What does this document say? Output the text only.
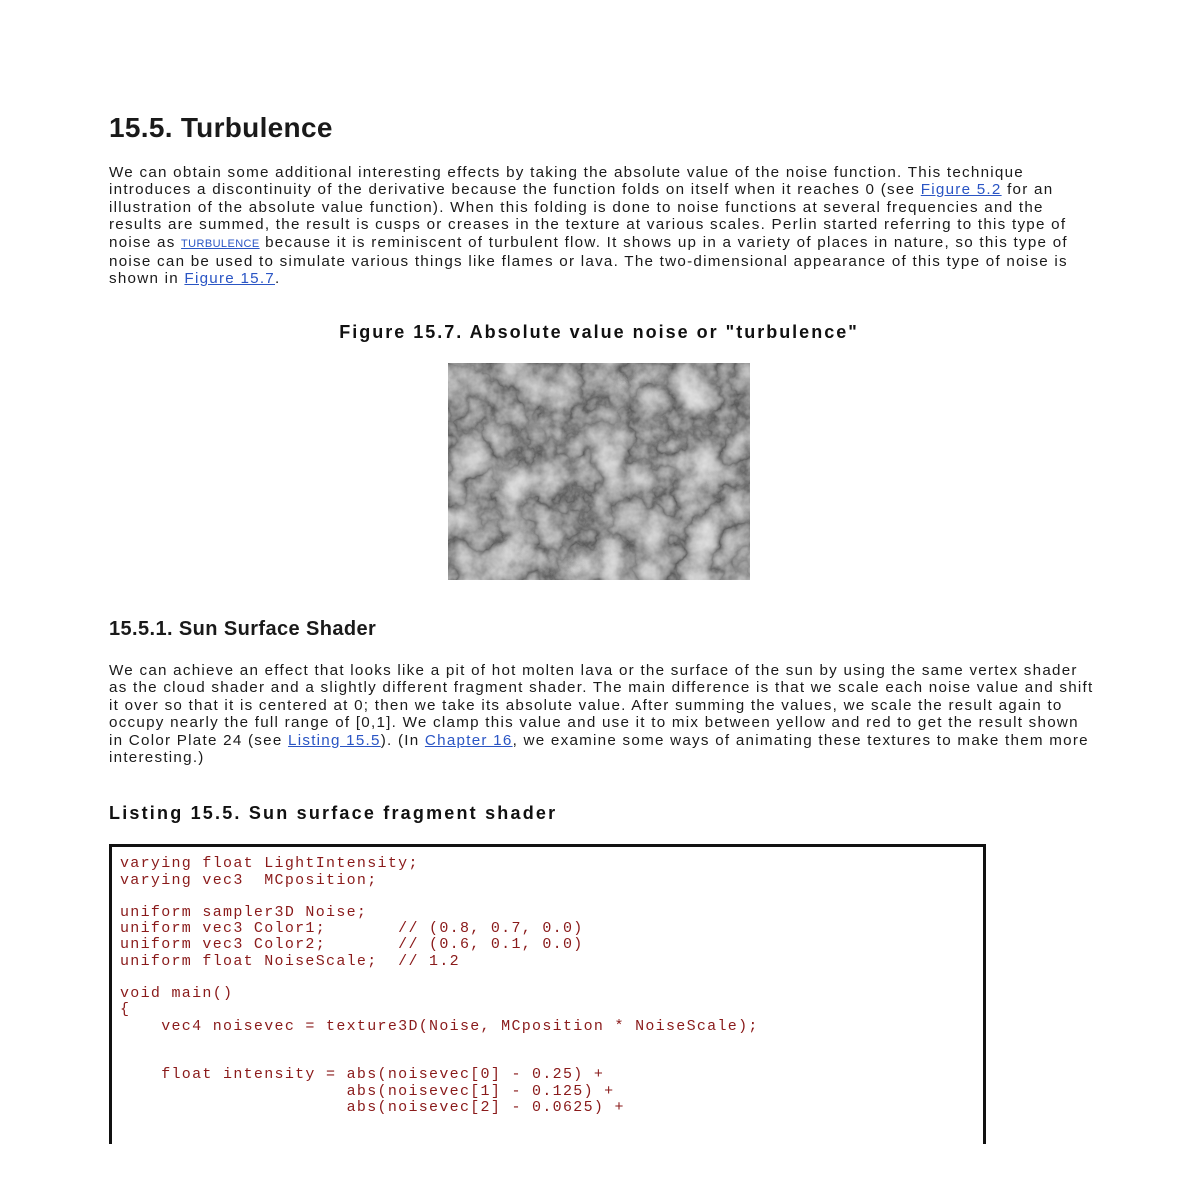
15.5. Turbulence

We can obtain some additional interesting effects by taking the absolute value of the noise function. This technique introduces a discontinuity of the derivative because the function folds on itself when it reaches 0 (see Figure 5.2 for an illustration of the absolute value function). When this folding is done to noise functions at several frequencies and the results are summed, the result is cusps or creases in the texture at various scales. Perlin started referring to this type of noise as TURBULENCE because it is reminiscent of turbulent flow. It shows up in a variety of places in nature, so this type of noise can be used to simulate various things like flames or lava. The two-dimensional appearance of this type of noise is shown in Figure 15.7.

Figure 15.7. Absolute value noise or "turbulence"
15.5.1. Sun Surface Shader

We can achieve an effect that looks like a pit of hot molten lava or the surface of the sun by using the same vertex shader as the cloud shader and a slightly different fragment shader. The main difference is that we scale each noise value and shift it over so that it is centered at 0; then we take its absolute value. After summing the values, we scale the result again to occupy nearly the full range of [0,1]. We clamp this value and use it to mix between yellow and red to get the result shown in Color Plate 24 (see Listing 15.5). (In Chapter 16, we examine some ways of animating these textures to make them more interesting.)

Listing 15.5. Sun surface fragment shader
varying float LightIntensity;
varying vec3  MCposition;
uniform sampler3D Noise;
uniform vec3 Color1;       // (0.8, 0.7, 0.0)
uniform vec3 Color2;       // (0.6, 0.1, 0.0)
uniform float NoiseScale;  // 1.2
void main()
{
vec4 noisevec = texture3D(Noise, MCposition * NoiseScale);
float intensity = abs(noisevec[0] - 0.25) +
abs(noisevec[1] - 0.125) +
abs(noisevec[2] - 0.0625) +
